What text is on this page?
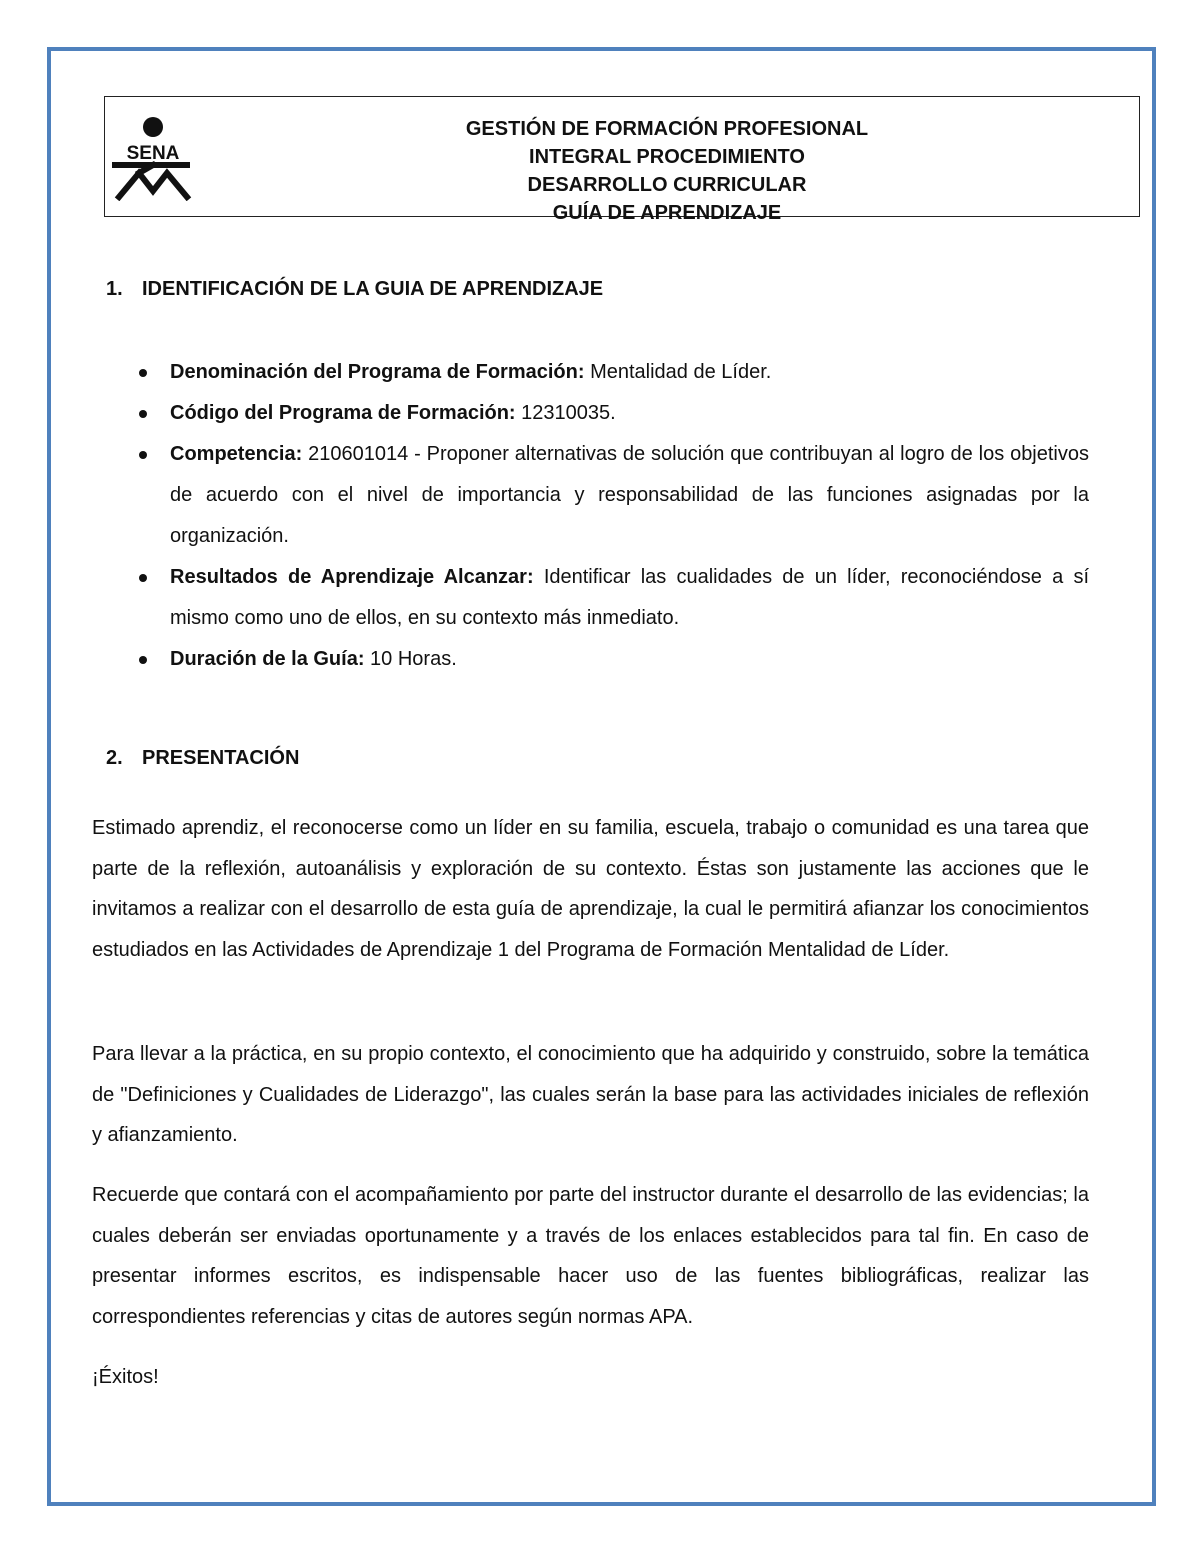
SENA
GESTIÓN DE FORMACIÓN PROFESIONAL
INTEGRAL PROCEDIMIENTO
DESARROLLO CURRICULAR
GUÍA DE APRENDIZAJE
1. IDENTIFICACIÓN DE LA GUIA DE APRENDIZAJE
Denominación del Programa de Formación: Mentalidad de Líder.
Código del Programa de Formación: 12310035.
Competencia: 210601014 - Proponer alternativas de solución que contribuyan al logro de los objetivos de acuerdo con el nivel de importancia y responsabilidad de las funciones asignadas por la organización.
Resultados de Aprendizaje Alcanzar: Identificar las cualidades de un líder, reconociéndose a sí mismo como uno de ellos, en su contexto más inmediato.
Duración de la Guía: 10 Horas.
2. PRESENTACIÓN

Estimado aprendiz, el reconocerse como un líder en su familia, escuela, trabajo o comunidad es una tarea que parte de la reflexión, autoanálisis y exploración de su contexto. Éstas son justamente las acciones que le invitamos a realizar con el desarrollo de esta guía de aprendizaje, la cual le permitirá afianzar los conocimientos estudiados en las Actividades de Aprendizaje 1 del Programa de Formación Mentalidad de Líder.

Para llevar a la práctica, en su propio contexto, el conocimiento que ha adquirido y construido, sobre la temática de "Definiciones y Cualidades de Liderazgo", las cuales serán la base para las actividades iniciales de reflexión y afianzamiento.

Recuerde que contará con el acompañamiento por parte del instructor durante el desarrollo de las evidencias; la cuales deberán ser enviadas oportunamente y a través de los enlaces establecidos para tal fin. En caso de presentar informes escritos, es indispensable hacer uso de las fuentes bibliográficas, realizar las correspondientes referencias y citas de autores según normas APA.

¡Éxitos!
